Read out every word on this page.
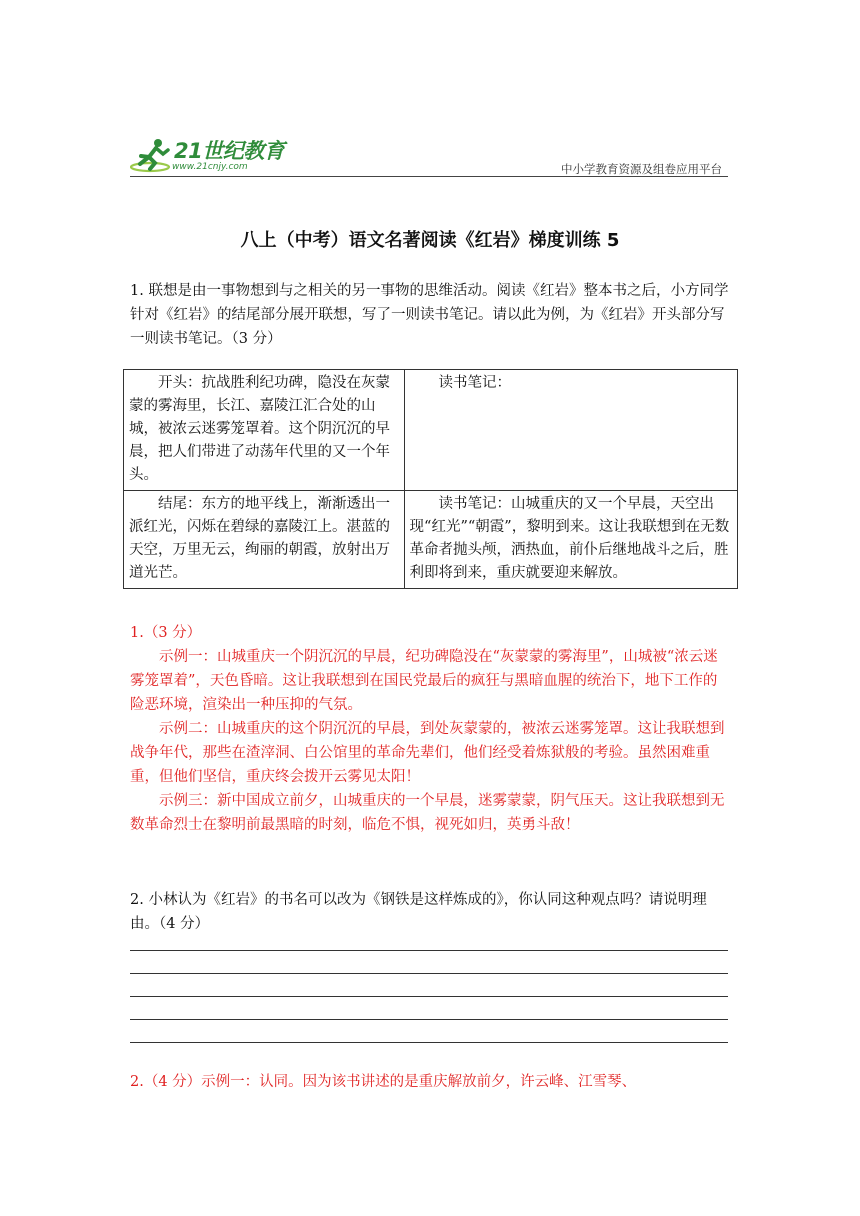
21世纪教育
www.21cnjy.com	中小学教育资源及组卷应用平台
八上（中考）语文名著阅读《红岩》梯度训练 5
1. 联想是由一事物想到与之相关的另一事物的思维活动。阅读《红岩》整本书之后，小方同学针对《红岩》的结尾部分展开联想，写了一则读书笔记。请以此为例，为《红岩》开头部分写一则读书笔记。（3 分）
开头：抗战胜利纪功碑，隐没在灰蒙蒙的雾海里，长江、嘉陵江汇合处的山城，被浓云迷雾笼罩着。这个阴沉沉的早晨，把人们带进了动荡年代里的又一个年头。	读书笔记：
结尾：东方的地平线上，渐渐透出一派红光，闪烁在碧绿的嘉陵江上。湛蓝的天空，万里无云，绚丽的朝霞，放射出万道光芒。	读书笔记：山城重庆的又一个早晨，天空出现“红光”“朝霞”，黎明到来。这让我联想到在无数革命者抛头颅，洒热血，前仆后继地战斗之后，胜利即将到来，重庆就要迎来解放。
1.（3 分）

示例一：山城重庆一个阴沉沉的早晨，纪功碑隐没在“灰蒙蒙的雾海里”，山城被“浓云迷雾笼罩着”，天色昏暗。这让我联想到在国民党最后的疯狂与黑暗血腥的统治下，地下工作的险恶环境，渲染出一种压抑的气氛。

示例二：山城重庆的这个阴沉沉的早晨，到处灰蒙蒙的，被浓云迷雾笼罩。这让我联想到战争年代，那些在渣滓洞、白公馆里的革命先辈们，他们经受着炼狱般的考验。虽然困难重重，但他们坚信，重庆终会拨开云雾见太阳！

示例三：新中国成立前夕，山城重庆的一个早晨，迷雾蒙蒙，阴气压天。这让我联想到无数革命烈士在黎明前最黑暗的时刻，临危不惧，视死如归，英勇斗敌！

2. 小林认为《红岩》的书名可以改为《钢铁是这样炼成的》，你认同这种观点吗？请说明理由。（4 分）
2.（4 分）示例一：认同。因为该书讲述的是重庆解放前夕，许云峰、江雪琴、
